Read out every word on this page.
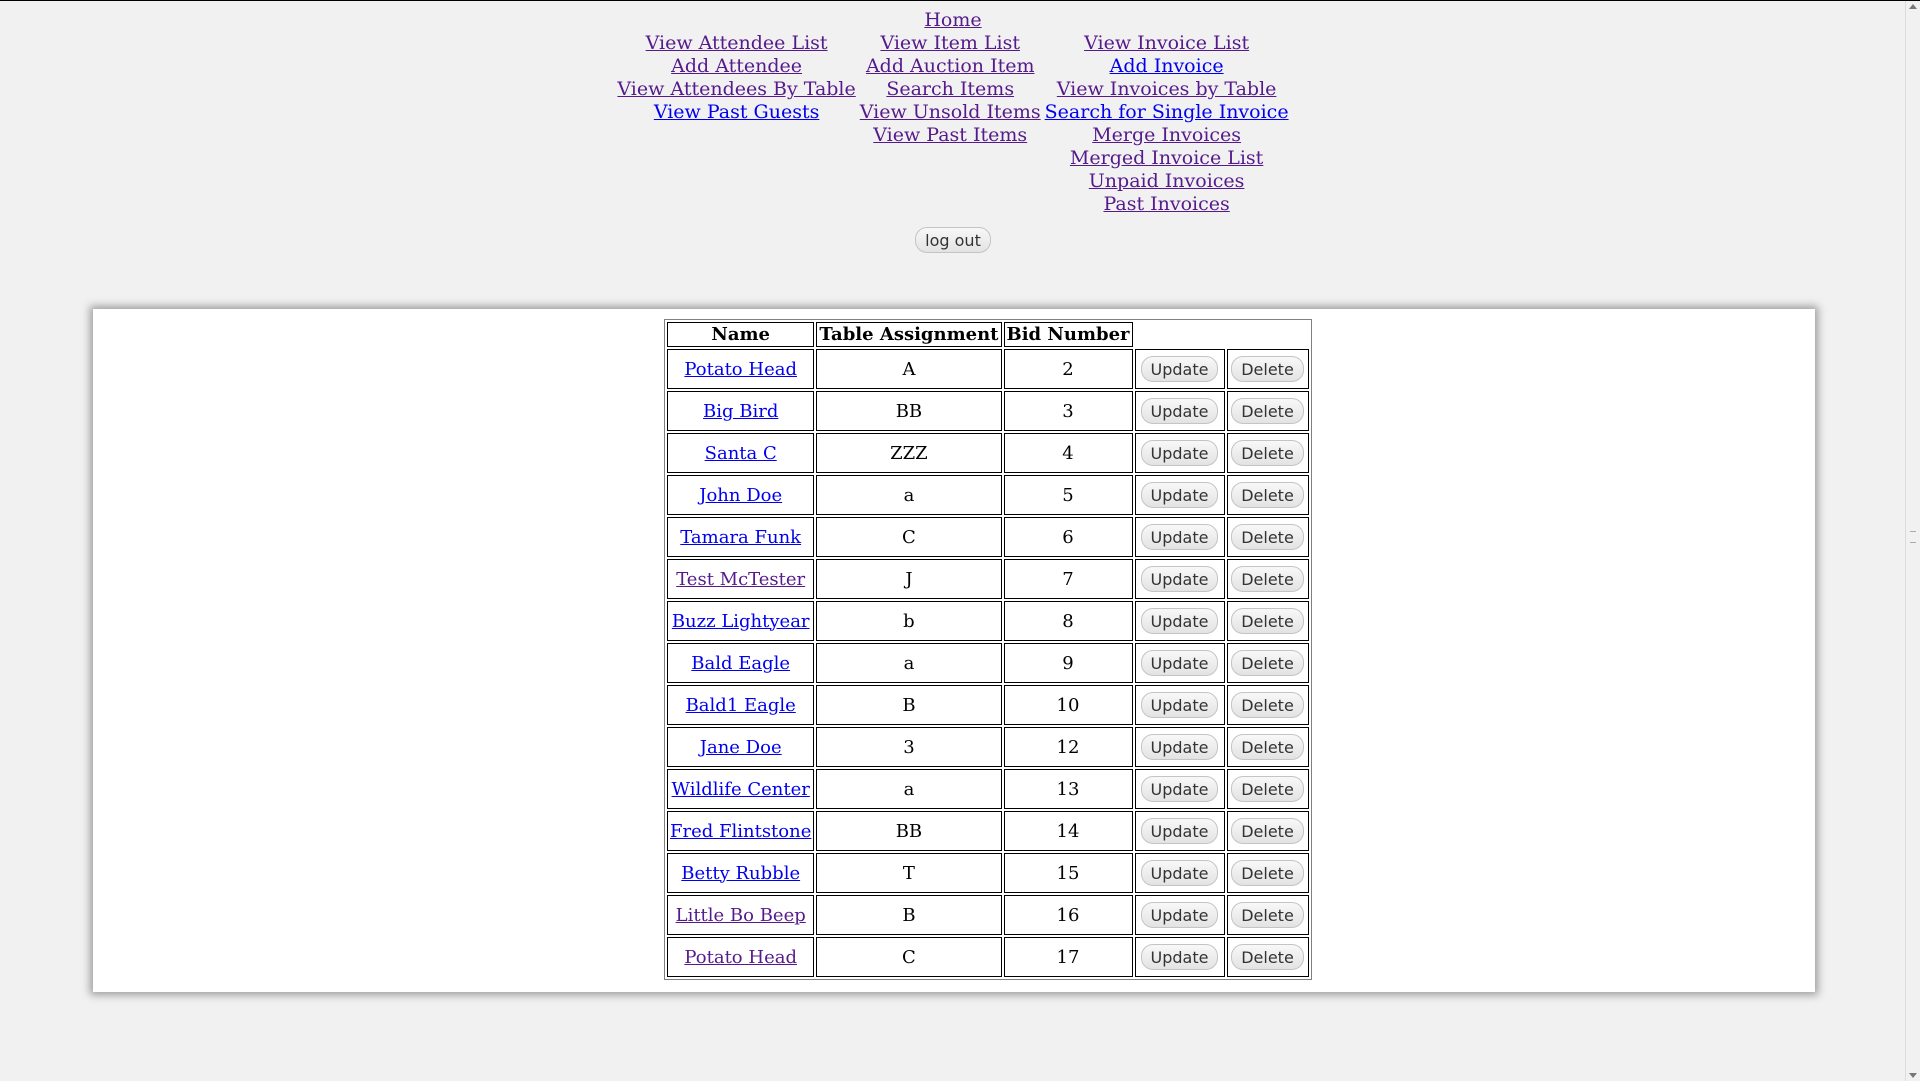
Home
View Attendee List
Add Attendee
View Attendees By Table
View Past Guests

View Item List
Add Auction Item
Search Items
View Unsold Items
View Past Items

View Invoice List
Add Invoice
View Invoices by Table
Search for Single Invoice
Merge Invoices
Merged Invoice List
Unpaid Invoices
Past Invoices
log out
Name	Table Assignment	Bid Number		
Potato Head	A	2	Update	Delete
Big Bird	BB	3	Update	Delete
Santa C	ZZZ	4	Update	Delete
John Doe	a	5	Update	Delete
Tamara Funk	C	6	Update	Delete
Test McTester	J	7	Update	Delete
Buzz Lightyear	b	8	Update	Delete
Bald Eagle	a	9	Update	Delete
Bald1 Eagle	B	10	Update	Delete
Jane Doe	3	12	Update	Delete
Wildlife Center	a	13	Update	Delete
Fred Flintstone	BB	14	Update	Delete
Betty Rubble	T	15	Update	Delete
Little Bo Beep	B	16	Update	Delete
Potato Head	C	17	Update	Delete
